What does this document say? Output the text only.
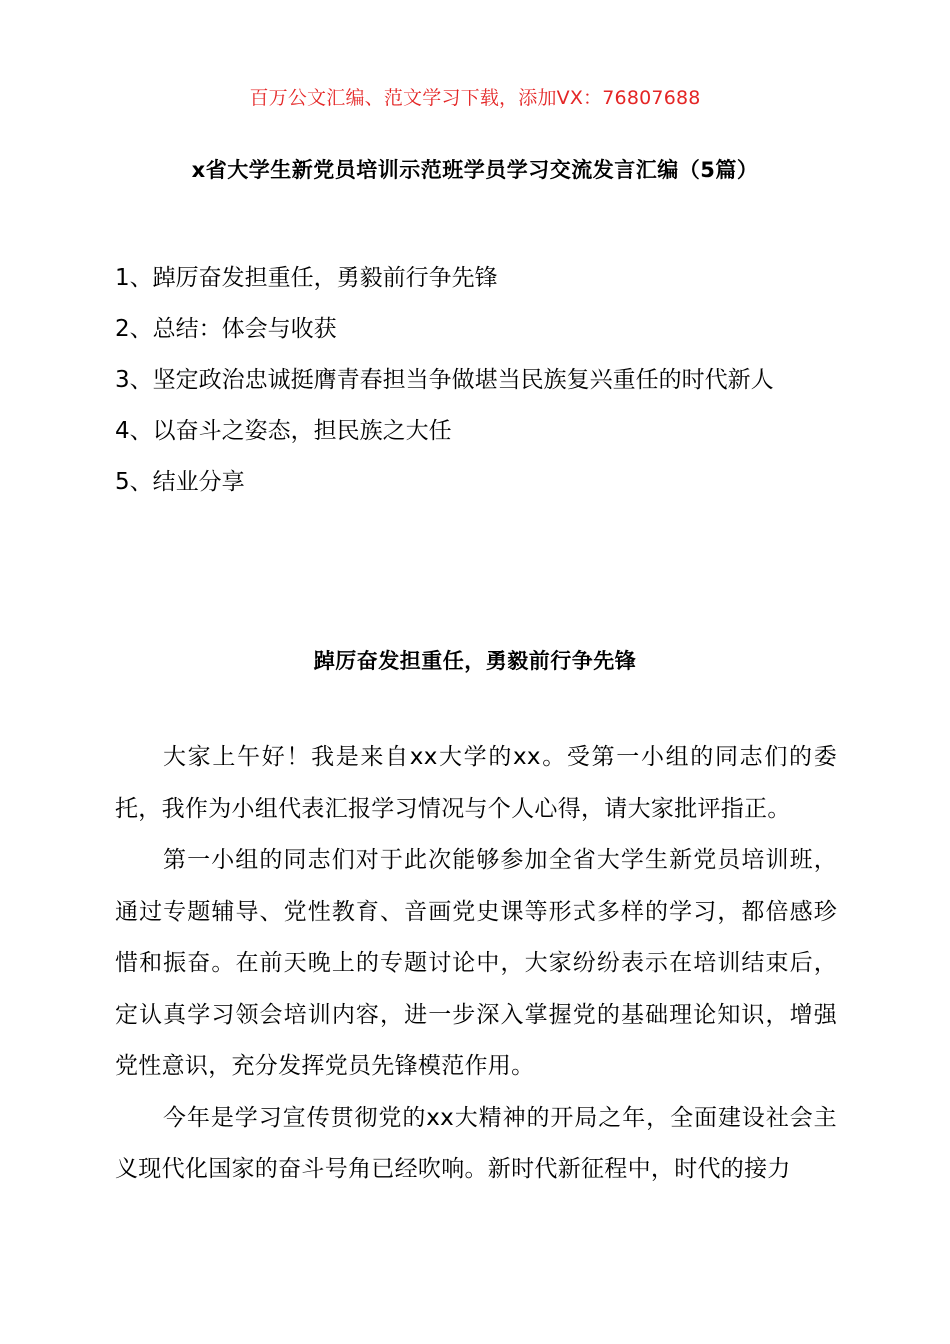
百万公文汇编、范文学习下载，添加VX：76807688
x省大学生新党员培训示范班学员学习交流发言汇编（5篇）
1、踔厉奋发担重任，勇毅前行争先锋
2、总结：体会与收获
3、坚定政治忠诚挺膺青春担当争做堪当民族复兴重任的时代新人
4、以奋斗之姿态，担民族之大任
5、结业分享
踔厉奋发担重任，勇毅前行争先锋

大家上午好！我是来自xx大学的xx。受第一小组的同志们的委托，我作为小组代表汇报学习情况与个人心得，请大家批评指正。

第一小组的同志们对于此次能够参加全省大学生新党员培训班，通过专题辅导、党性教育、音画党史课等形式多样的学习，都倍感珍惜和振奋。在前天晚上的专题讨论中，大家纷纷表示在培训结束后，定认真学习领会培训内容，进一步深入掌握党的基础理论知识，增强党性意识，充分发挥党员先锋模范作用。

今年是学习宣传贯彻党的xx大精神的开局之年，全面建设社会主义现代化国家的奋斗号角已经吹响。新时代新征程中，时代的接力
